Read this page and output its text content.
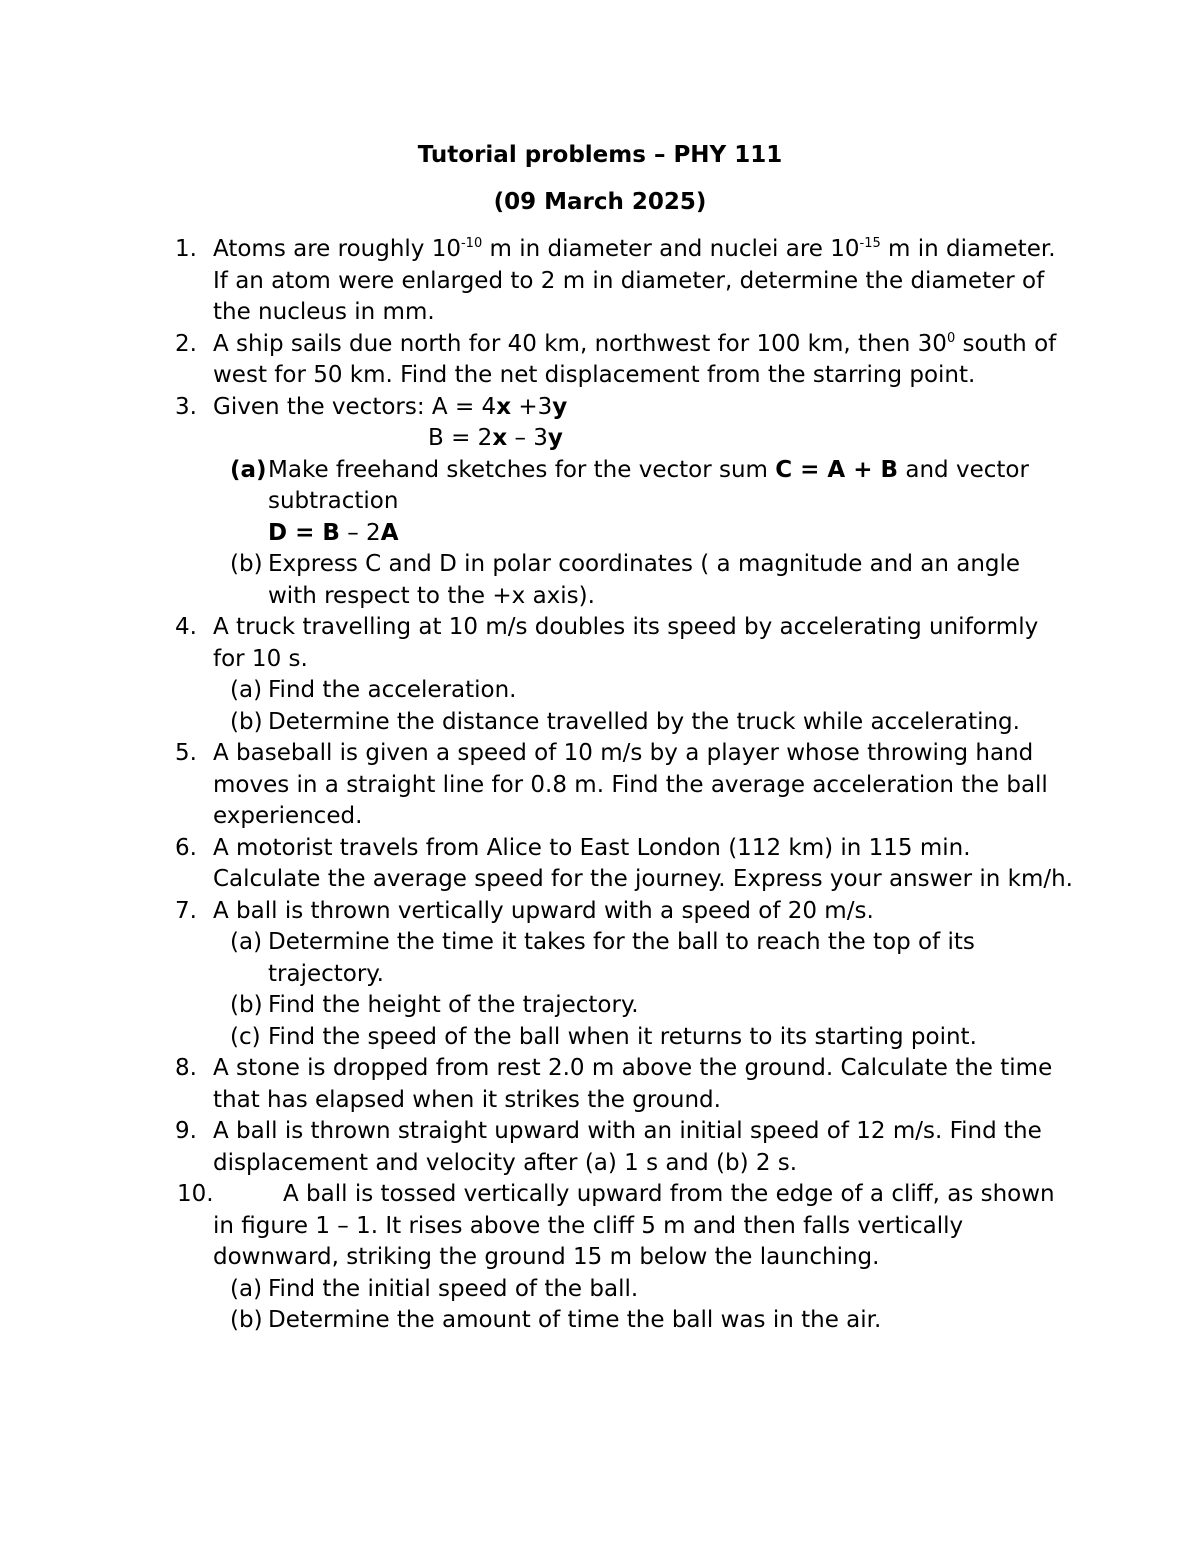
Tutorial problems – PHY 111
(09 March 2025)
1. Atoms are roughly $10^{-10}$ m in diameter and nuclei are $10^{-15}$ m in diameter. If an atom were enlarged to 2 m in diameter, determine the diameter of the nucleus in mm.
2. A ship sails due north for 40 km, northwest for 100 km, then $30^0$ south of west for 50 km. Find the net displacement from the starring point.
3. Given the vectors: A = 4x +3y
B = 2x – 3y
(a) Make freehand sketches for the vector sum C = A + B and vector subtraction
D = B – 2A
(b) Express C and D in polar coordinates ( a magnitude and an angle with respect to the +x axis).
4. A truck travelling at 10 m/s doubles its speed by accelerating uniformly for 10 s.
(a) Find the acceleration.
(b) Determine the distance travelled by the truck while accelerating.
5. A baseball is given a speed of 10 m/s by a player whose throwing hand moves in a straight line for 0.8 m. Find the average acceleration the ball experienced.
6. A motorist travels from Alice to East London (112 km) in 115 min. Calculate the average speed for the journey. Express your answer in km/h.
7. A ball is thrown vertically upward with a speed of 20 m/s.
(a) Determine the time it takes for the ball to reach the top of its trajectory.
(b) Find the height of the trajectory.
(c) Find the speed of the ball when it returns to its starting point.
8. A stone is dropped from rest 2.0 m above the ground. Calculate the time that has elapsed when it strikes the ground.
9. A ball is thrown straight upward with an initial speed of 12 m/s. Find the displacement and velocity after (a) 1 s and (b) 2 s.
10.	A ball is tossed vertically upward from the edge of a cliff, as shown in figure 1 – 1. It rises above the cliff 5 m and then falls vertically downward, striking the ground 15 m below the launching.
(a) Find the initial speed of the ball.
(b) Determine the amount of time the ball was in the air.
